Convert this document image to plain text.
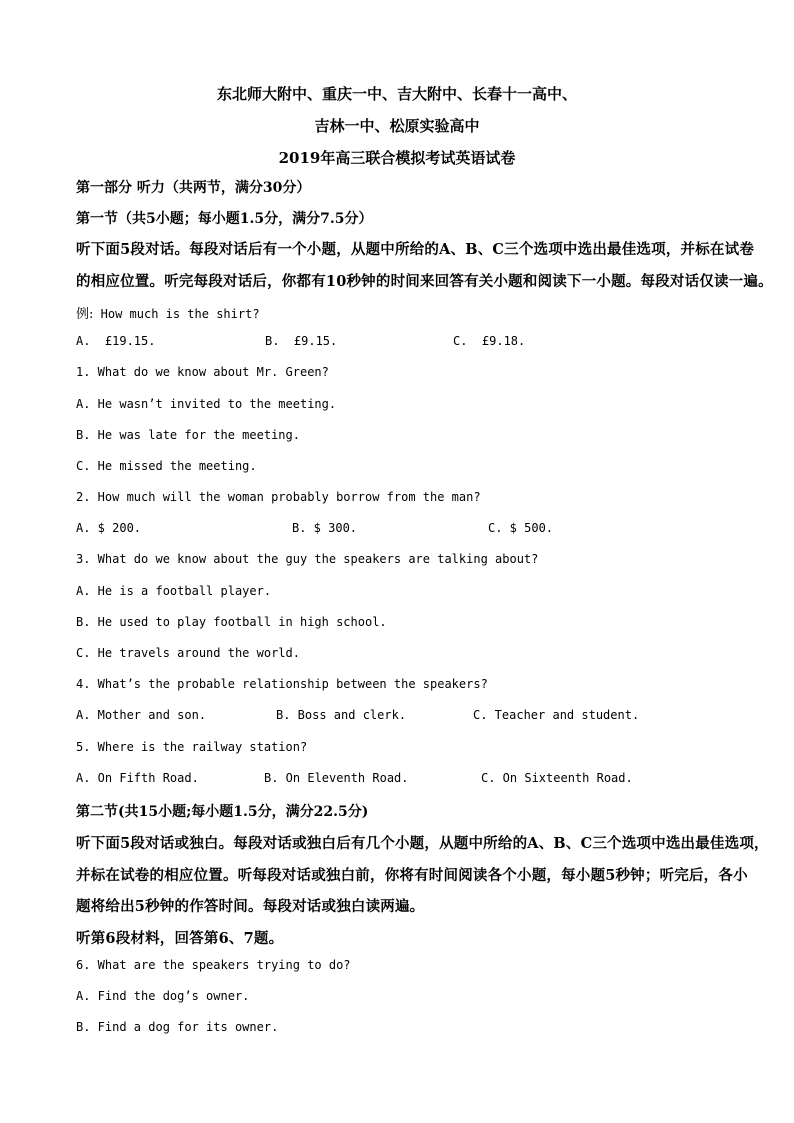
东北师大附中、重庆一中、吉大附中、长春十一高中、
吉林一中、松原实验高中
2019年高三联合模拟考试英语试卷
第一部分 听力（共两节，满分30分）
第一节（共5小题；每小题1.5分，满分7.5分）
听下面5段对话。每段对话后有一个小题，从题中所给的A、B、C三个选项中选出最佳选项，并标在试卷
的相应位置。听完每段对话后，你都有10秒钟的时间来回答有关小题和阅读下一小题。每段对话仅读一遍。
例: How much is the shirt?
A.  £19.15.	B.  £9.15.	C.  £9.18.
1. What do we know about Mr. Green?
A. He wasn’t invited to the meeting.
B. He was late for the meeting.
C. He missed the meeting.
2. How much will the woman probably borrow from the man?
A. $ 200.	B. $ 300.	C. $ 500.
3. What do we know about the guy the speakers are talking about?
A. He is a football player.
B. He used to play football in high school.
C. He travels around the world.
4. What’s the probable relationship between the speakers?
A. Mother and son.	B. Boss and clerk.	C. Teacher and student.
5. Where is the railway station?
A. On Fifth Road.	B. On Eleventh Road.	C. On Sixteenth Road.
第二节(共15小题;每小题1.5分，满分22.5分)
听下面5段对话或独白。每段对话或独白后有几个小题，从题中所给的A、B、C三个选项中选出最佳选项，
并标在试卷的相应位置。听每段对话或独白前，你将有时间阅读各个小题，每小题5秒钟；听完后，各小
题将给出5秒钟的作答时间。每段对话或独白读两遍。
听第6段材料，回答第6、7题。
6. What are the speakers trying to do?
A. Find the dog’s owner.
B. Find a dog for its owner.
